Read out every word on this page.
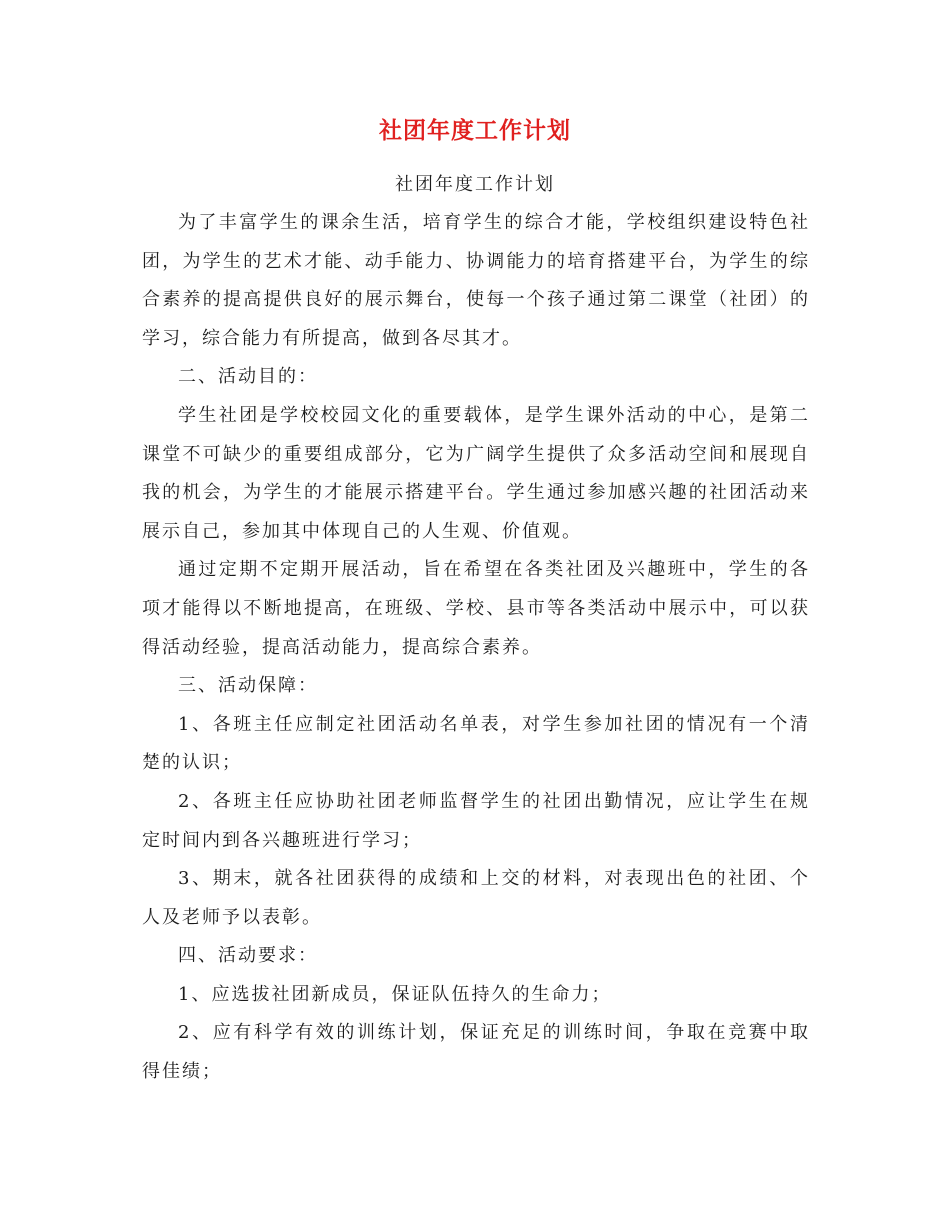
社团年度工作计划
社团年度工作计划

为了丰富学生的课余生活，培育学生的综合才能，学校组织建设特色社团，为学生的艺术才能、动手能力、协调能力的培育搭建平台，为学生的综合素养的提高提供良好的展示舞台，使每一个孩子通过第二课堂（社团）的学习，综合能力有所提高，做到各尽其才。

二、活动目的：

学生社团是学校校园文化的重要载体，是学生课外活动的中心，是第二课堂不可缺少的重要组成部分，它为广阔学生提供了众多活动空间和展现自我的机会，为学生的才能展示搭建平台。学生通过参加感兴趣的社团活动来展示自己，参加其中体现自己的人生观、价值观。

通过定期不定期开展活动，旨在希望在各类社团及兴趣班中，学生的各项才能得以不断地提高，在班级、学校、县市等各类活动中展示中，可以获得活动经验，提高活动能力，提高综合素养。

三、活动保障：

1、各班主任应制定社团活动名单表，对学生参加社团的情况有一个清楚的认识；

2、各班主任应协助社团老师监督学生的社团出勤情况，应让学生在规定时间内到各兴趣班进行学习；

3、期末，就各社团获得的成绩和上交的材料，对表现出色的社团、个人及老师予以表彰。

四、活动要求：

1、应选拔社团新成员，保证队伍持久的生命力；

2、应有科学有效的训练计划，保证充足的训练时间，争取在竞赛中取得佳绩；
